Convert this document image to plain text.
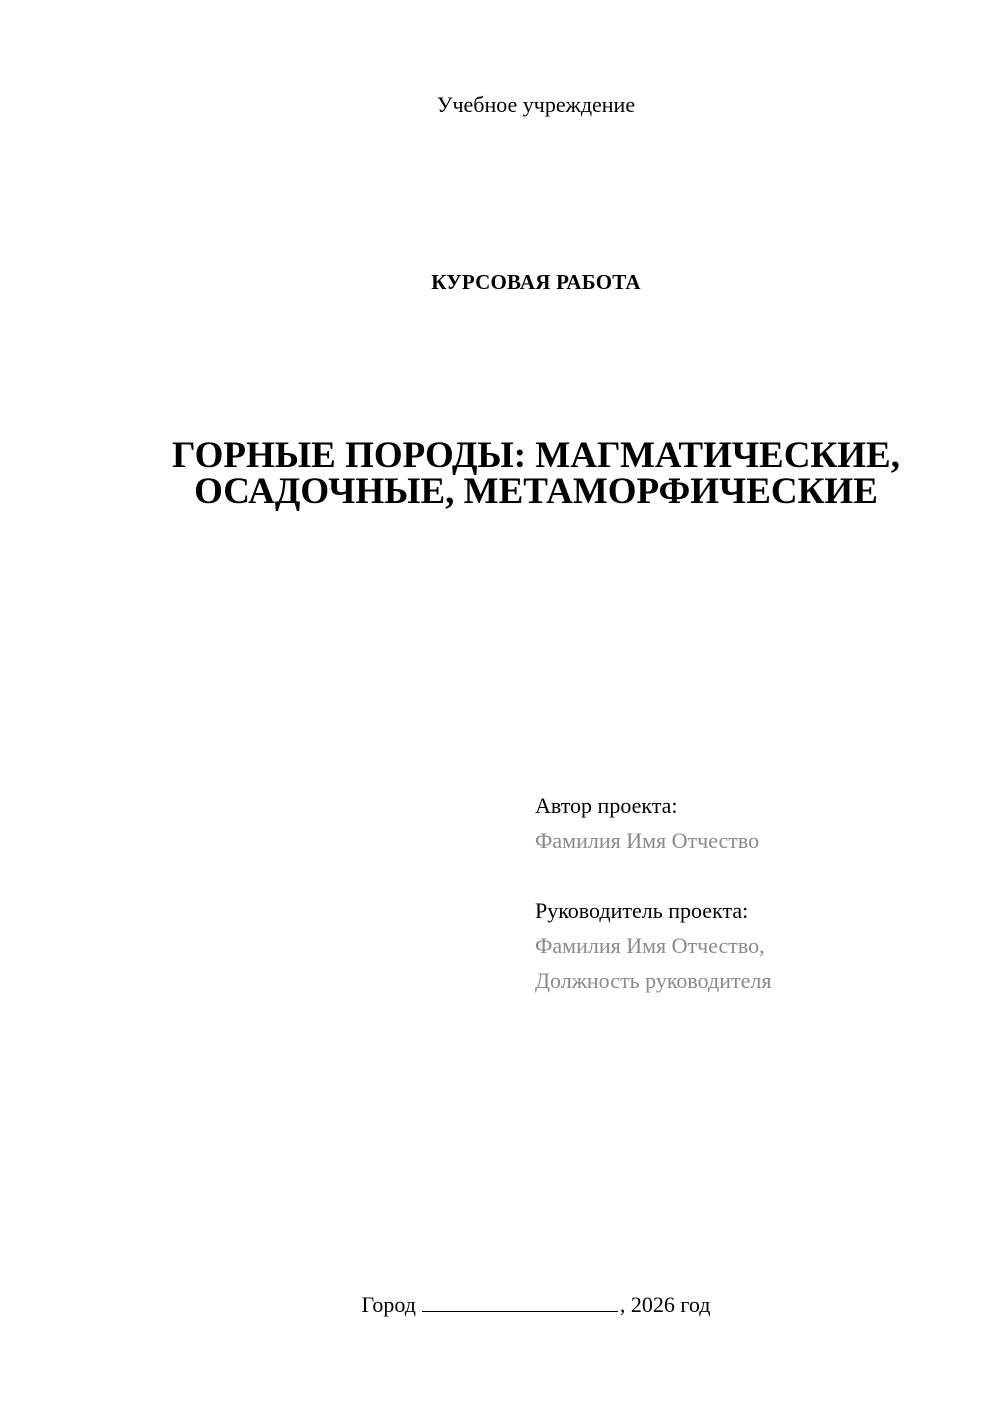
Учебное учреждение
КУРСОВАЯ РАБОТА
ГОРНЫЕ ПОРОДЫ: МАГМАТИЧЕСКИЕ,
ОСАДОЧНЫЕ, МЕТАМОРФИЧЕСКИЕ
Автор проекта:
Фамилия Имя Отчество
Руководитель проекта:
Фамилия Имя Отчество,
Должность руководителя
Город	, 2026 год
